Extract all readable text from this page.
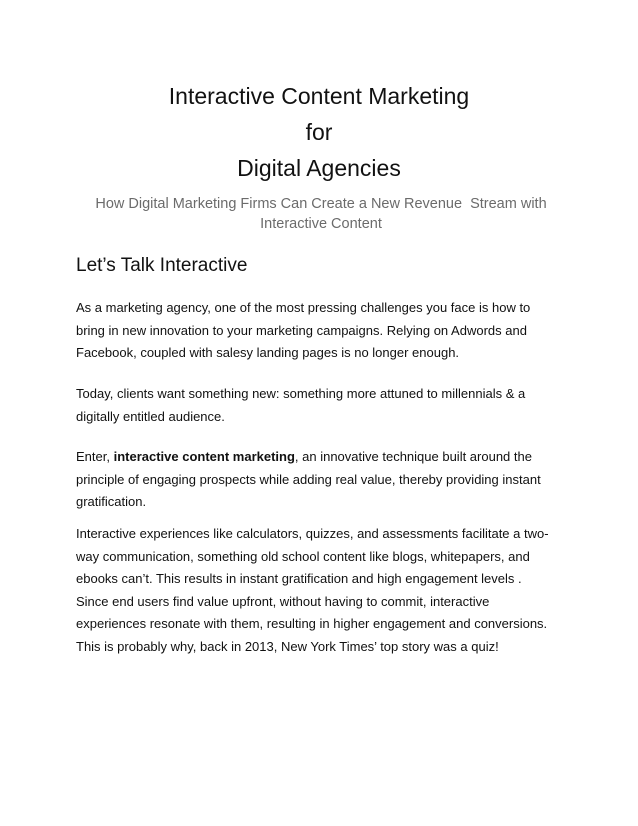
Interactive Content Marketing
for
Digital Agencies
How Digital Marketing Firms Can Create a New Revenue  Stream with
Interactive Content
Let’s Talk Interactive
As a marketing agency, one of the most pressing challenges you face is how to
bring in new innovation to your marketing campaigns. Relying on Adwords and
Facebook, coupled with salesy landing pages is no longer enough.
Today, clients want something new: something more attuned to millennials & a
digitally entitled audience.
Enter, interactive content marketing, an innovative technique built around the
principle of engaging prospects while adding real value, thereby providing instant
gratification.
Interactive experiences like calculators, quizzes, and assessments facilitate a two-
way communication, something old school content like blogs, whitepapers, and
ebooks can’t. This results in instant gratification and high engagement levels .
Since end users find value upfront, without having to commit, interactive
experiences resonate with them, resulting in higher engagement and conversions.
This is probably why, back in 2013, New York Times’ top story was a quiz!
